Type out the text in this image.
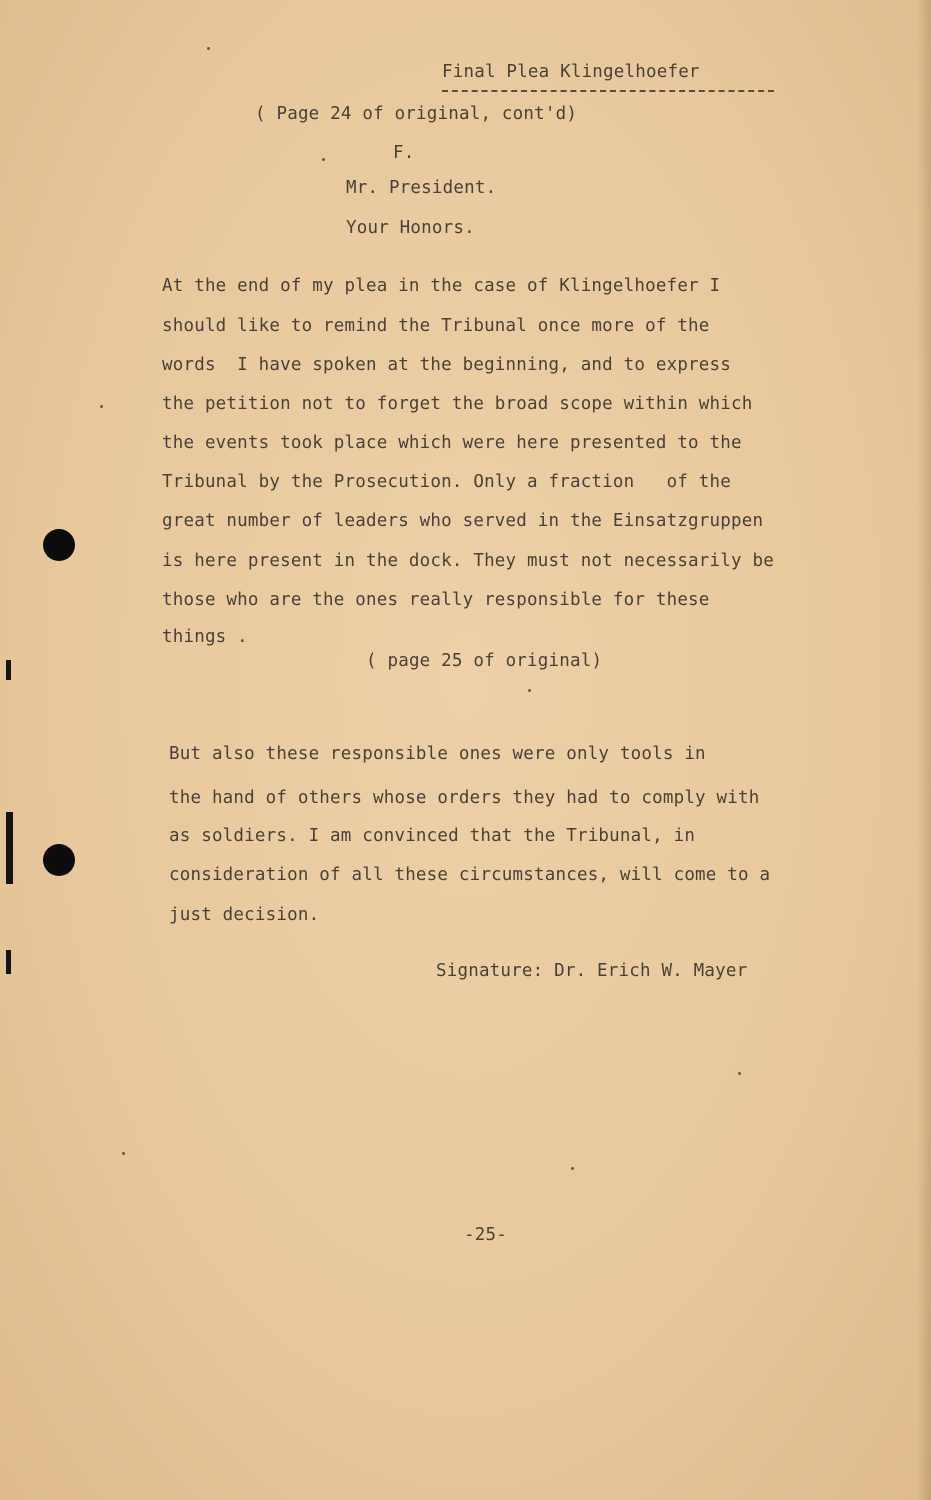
Final Plea Klingelhoefer
( Page 24 of original, cont'd)
F.
Mr. President.
Your Honors.
At the end of my plea in the case of Klingelhoefer I
should like to remind the Tribunal once more of the
words  I have spoken at the beginning, and to express
the petition not to forget the broad scope within which
the events took place which were here presented to the
Tribunal by the Prosecution. Only a fraction   of the
great number of leaders who served in the Einsatzgruppen
is here present in the dock. They must not necessarily be
those who are the ones really responsible for these
things .
( page 25 of original)
But also these responsible ones were only tools in
the hand of others whose orders they had to comply with
as soldiers. I am convinced that the Tribunal, in
consideration of all these circumstances, will come to a
just decision.
Signature: Dr. Erich W. Mayer
-25-
